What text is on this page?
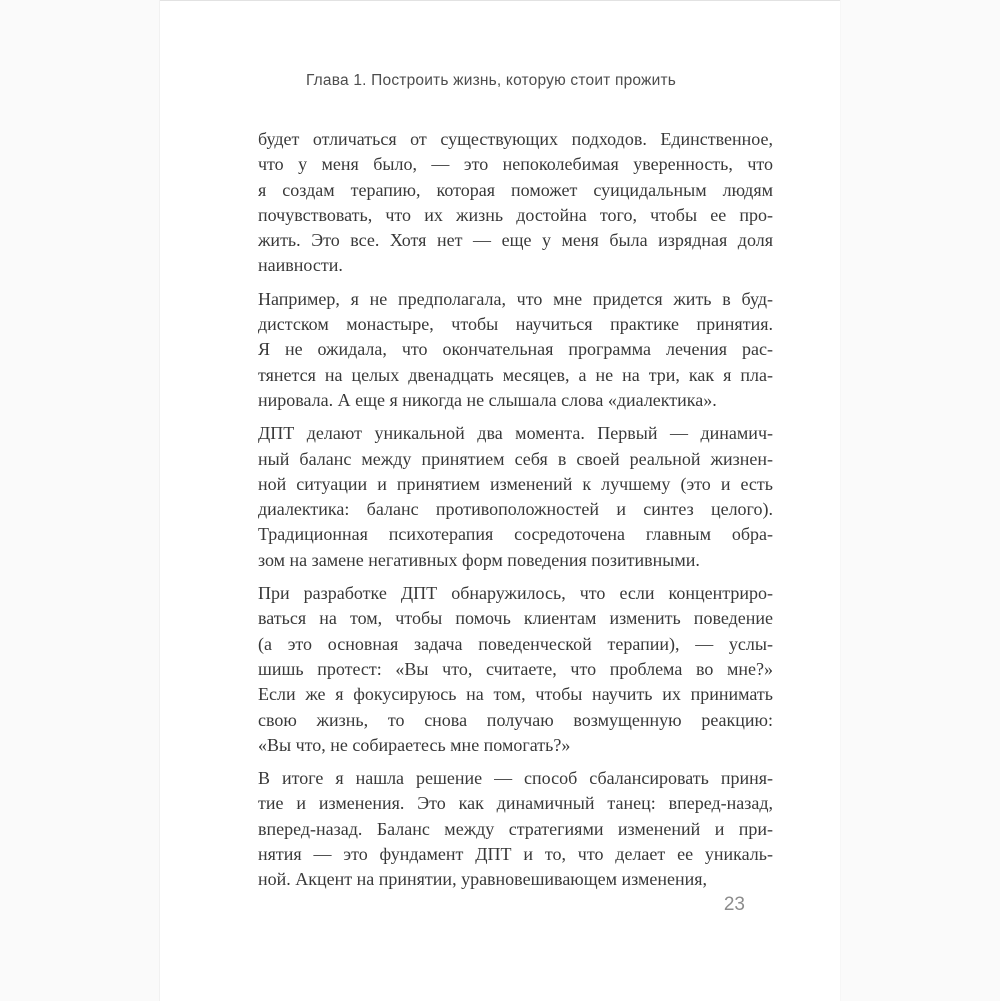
Глава 1. Построить жизнь, которую стоит прожить
будет отличаться от существующих подходов. Единственное,
что у меня было, — это непоколебимая уверенность, что
я создам терапию, которая поможет суицидальным людям
почувствовать, что их жизнь достойна того, чтобы ее про-
жить. Это все. Хотя нет — еще у меня была изрядная доля
наивности.
Например, я не предполагала, что мне придется жить в буд-
дистском монастыре, чтобы научиться практике принятия.
Я не ожидала, что окончательная программа лечения рас-
тянется на целых двенадцать месяцев, а не на три, как я пла-
нировала. А еще я никогда не слышала слова «диалектика».
ДПТ делают уникальной два момента. Первый — динамич-
ный баланс между принятием себя в своей реальной жизнен-
ной ситуации и принятием изменений к лучшему (это и есть
диалектика: баланс противоположностей и синтез целого).
Традиционная психотерапия сосредоточена главным обра-
зом на замене негативных форм поведения позитивными.
При разработке ДПТ обнаружилось, что если концентриро-
ваться на том, чтобы помочь клиентам изменить поведение
(а это основная задача поведенческой терапии), — услы-
шишь протест: «Вы что, считаете, что проблема во мне?»
Если же я фокусируюсь на том, чтобы научить их принимать
свою жизнь, то снова получаю возмущенную реакцию:
«Вы что, не собираетесь мне помогать?»
В итоге я нашла решение — способ сбалансировать приня-
тие и изменения. Это как динамичный танец: вперед-назад,
вперед-назад. Баланс между стратегиями изменений и при-
нятия — это фундамент ДПТ и то, что делает ее уникаль-
ной. Акцент на принятии, уравновешивающем изменения,
23
